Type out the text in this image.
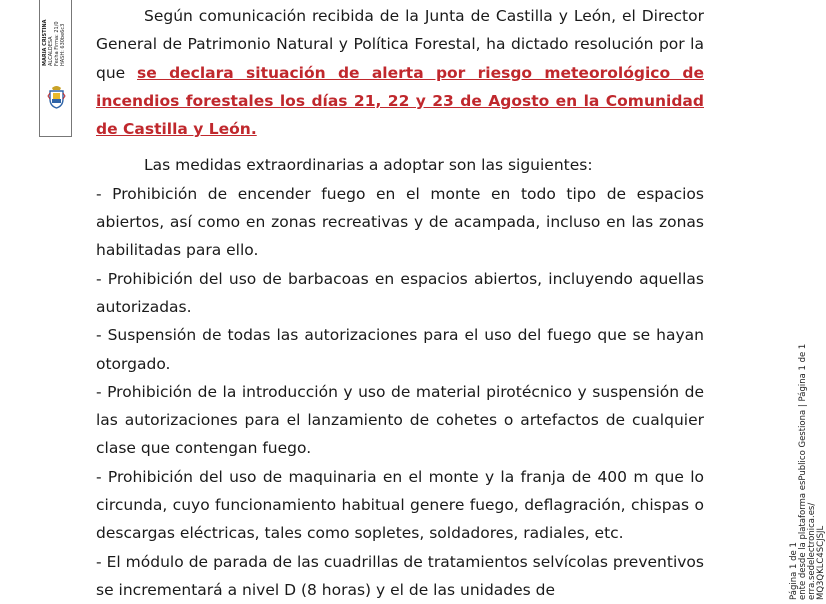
MARIA CRISTINA ALCALDESA
Fecha Firma: 21/0
HASH: 630be6c3
Página 1 de 1 ente desde la plataforma esPublico Gestiona | Página 1 de 1 erra.sedelectronica.es/ MQ3QKLC4SCJSJL

Según comunicación recibida de la Junta de Castilla y León, el Director General de Patrimonio Natural y Política Forestal, ha dictado resolución por la que se declara situación de alerta por riesgo meteorológico de incendios forestales los días 21, 22 y 23 de Agosto en la Comunidad de Castilla y León.

Las medidas extraordinarias a adoptar son las siguientes:

- Prohibición de encender fuego en el monte en todo tipo de espacios abiertos, así como en zonas recreativas y de acampada, incluso en las zonas habilitadas para ello.

- Prohibición del uso de barbacoas en espacios abiertos, incluyendo aquellas autorizadas.

- Suspensión de todas las autorizaciones para el uso del fuego que se hayan otorgado.

- Prohibición de la introducción y uso de material pirotécnico y suspensión de las autorizaciones para el lanzamiento de cohetes o artefactos de cualquier clase que contengan fuego.

- Prohibición del uso de maquinaria en el monte y la franja de 400 m que lo circunda, cuyo funcionamiento habitual genere fuego, deflagración, chispas o descargas eléctricas, tales como sopletes, soldadores, radiales, etc.

- El módulo de parada de las cuadrillas de tratamientos selvícolas preventivos se incrementará a nivel D (8 horas) y el de las unidades de
